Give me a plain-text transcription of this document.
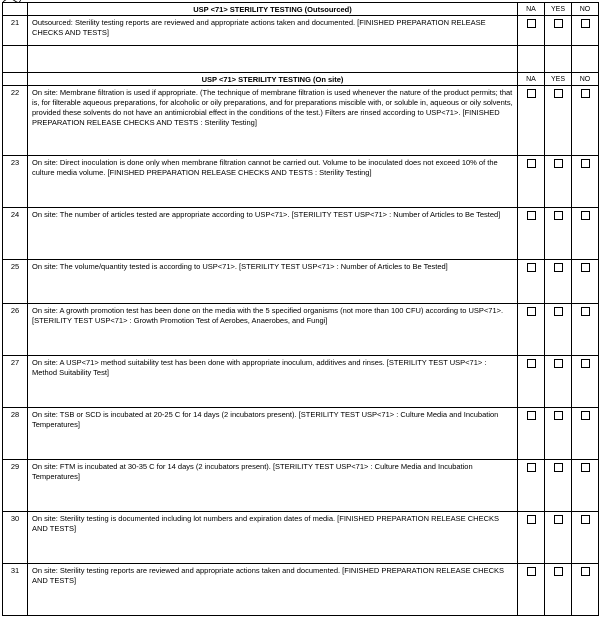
	USP <71> STERILITY TESTING (Outsourced)	NA	YES	NO
21	Outsourced: Sterility testing reports are reviewed and appropriate actions taken and documented. [FINISHED PREPARATION RELEASE CHECKS AND TESTS]			

	USP <71> STERILITY TESTING (On site)	NA	YES	NO
22	On site: Membrane filtration is used if appropriate. (The technique of membrane filtration is used whenever the nature of the product permits; that is, for filterable aqueous preparations, for alcoholic or oily preparations, and for preparations miscible with, or soluble in, aqueous or oily solvents, provided these solvents do not have an antimicrobial effect in the conditions of the test.) Filters are rinsed according to USP<71>. [FINISHED PREPARATION RELEASE CHECKS AND TESTS : Sterility Testing]			
23	On site: Direct inoculation is done only when membrane filtration cannot be carried out. Volume to be inoculated does not exceed 10% of the culture media volume. [FINISHED PREPARATION RELEASE CHECKS AND TESTS : Sterility Testing]			
24	On site: The number of articles tested are appropriate according to USP<71>. [STERILITY TEST USP<71> : Number of Articles to Be Tested]			
25	On site: The volume/quantity tested is according to USP<71>. [STERILITY TEST USP<71> : Number of Articles to Be Tested]			
26	On site: A growth promotion test has been done on the media with the 5 specified organisms (not more than 100 CFU) according to USP<71>. [STERILITY TEST USP<71> : Growth Promotion Test of Aerobes, Anaerobes, and Fungi]			
27	On site: A USP<71> method suitability test has been done with appropriate inoculum, additives and rinses. [STERILITY TEST USP<71> : Method Suitability Test]			
28	On site: TSB or SCD is incubated at 20-25 C for 14 days (2 incubators present). [STERILITY TEST USP<71> : Culture Media and Incubation Temperatures]			
29	On site: FTM is incubated at 30-35 C for 14 days (2 incubators present). [STERILITY TEST USP<71> : Culture Media and Incubation Temperatures]			
30	On site: Sterility testing is documented including lot numbers and expiration dates of media. [FINISHED PREPARATION RELEASE CHECKS AND TESTS]			
31	On site: Sterility testing reports are reviewed and appropriate actions taken and documented. [FINISHED PREPARATION RELEASE CHECKS AND TESTS]			
